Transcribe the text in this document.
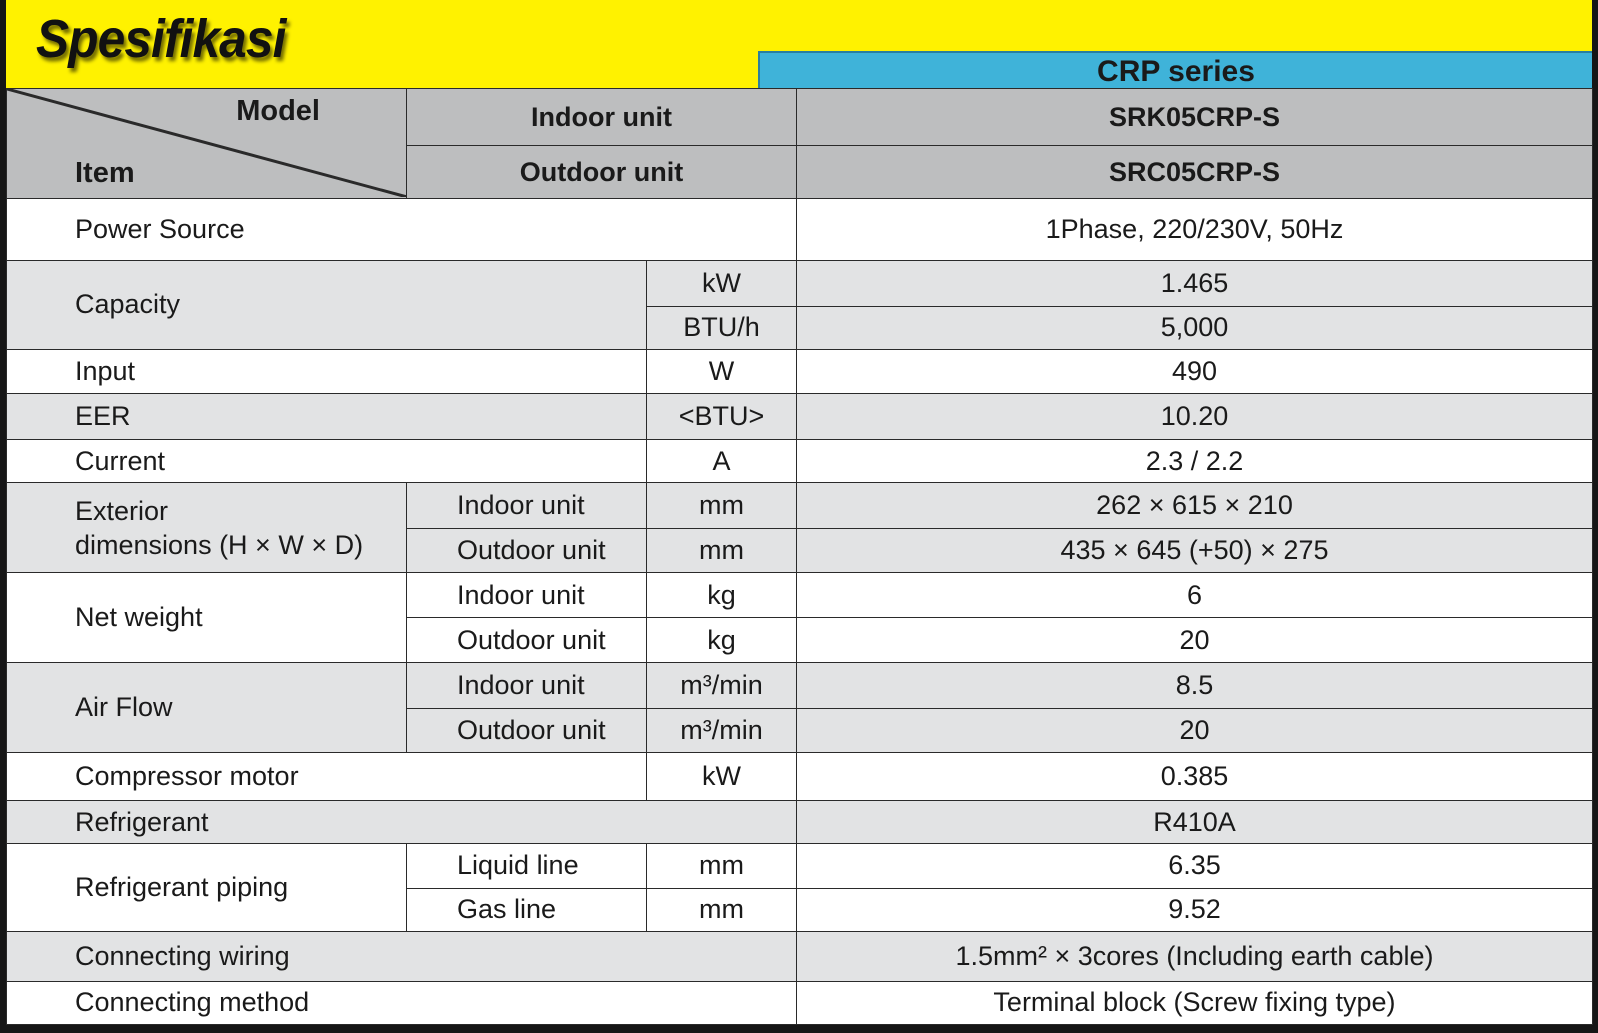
Spesifikasi
CRP series
Model
Item	Indoor unit		SRK05CRP-S
	Outdoor unit		SRC05CRP-S
Power Source			1Phase, 220/230V, 50Hz
Capacity		kW	1.465
		BTU/h	5,000
Input		W	490
EER		<BTU>	10.20
Current		A	2.3 / 2.2

Exterior
dimensions (H × W × D)	Indoor unit	mm	262 × 615 × 210
	Outdoor unit	mm	435 × 645 (+50) × 275
Net weight	Indoor unit	kg	6
	Outdoor unit	kg	20
Air Flow	Indoor unit	m³/min	8.5
	Outdoor unit	m³/min	20
Compressor motor		kW	0.385
Refrigerant			R410A
Refrigerant piping	Liquid line	mm	6.35
	Gas line	mm	9.52
Connecting wiring			1.5mm² × 3cores (Including earth cable)
Connecting method			Terminal block (Screw fixing type)
